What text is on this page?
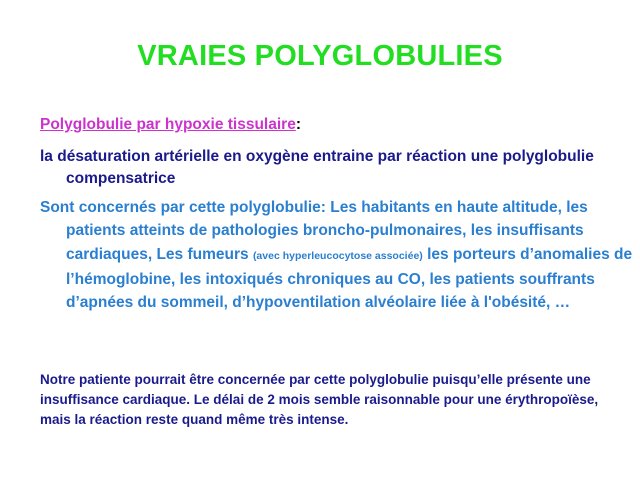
VRAIES POLYGLOBULIES
Polyglobulie par hypoxie tissulaire:
la désaturation artérielle en oxygène entraine par réaction une polyglobulie compensatrice
Sont concernés par cette polyglobulie: Les habitants en haute altitude, les patients atteints de pathologies broncho-pulmonaires, les insuffisants cardiaques, Les fumeurs (avec hyperleucocytose associée) les porteurs d’anomalies de l’hémoglobine, les intoxiqués chroniques au CO, les patients souffrants d’apnées du sommeil, d’hypoventilation alvéolaire liée à l'obésité, …
Notre patiente pourrait être concernée par cette polyglobulie puisqu’elle présente une insuffisance cardiaque. Le délai de 2 mois semble raisonnable pour une érythropoïèse, mais la réaction reste quand même très intense.
